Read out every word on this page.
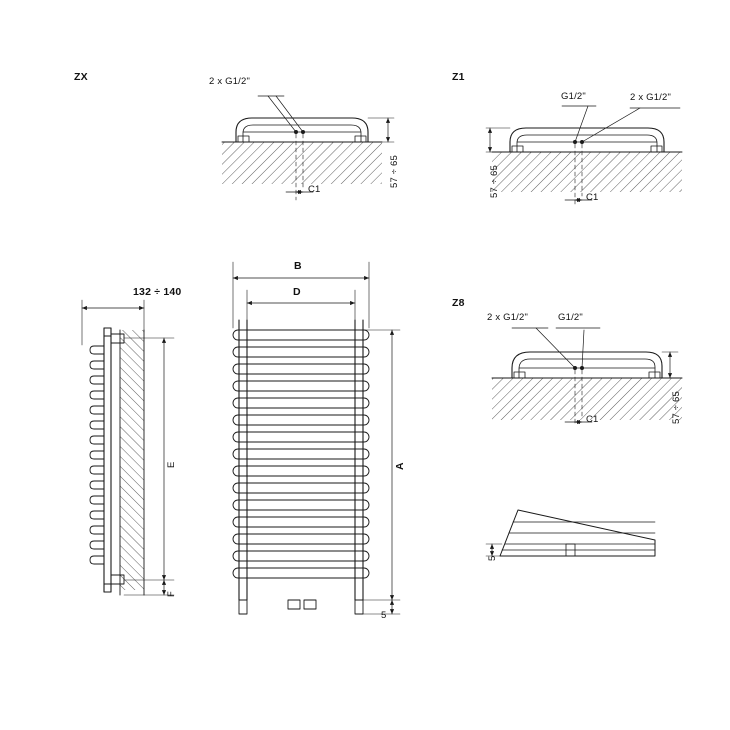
ZX	Z1
Z8
2 x G1/2"
C1
57 ÷ 65
G1/2"	2 x G1/2"
C1
57 ÷ 65
2 x G1/2"	G1/2"
C1	57 ÷ 65
5
132 ÷ 140
E
F
B
D
A
5
